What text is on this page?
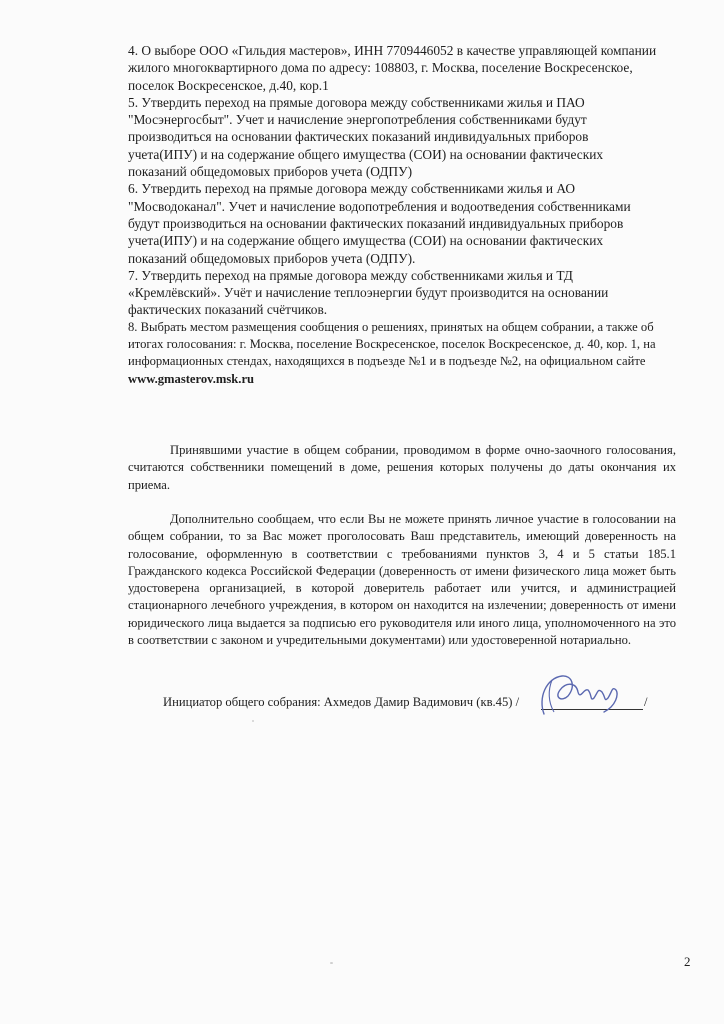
4. О выборе ООО «Гильдия мастеров», ИНН 7709446052 в качестве управляющей компании

жилого многоквартирного дома по адресу: 108803, г. Москва, поселение Воскресенское,

поселок Воскресенское, д.40, кор.1

5. Утвердить переход на прямые договора между собственниками жилья и ПАО

"Мосэнергосбыт". Учет и начисление энергопотребления собственниками будут

производиться на основании фактических показаний индивидуальных приборов

учета(ИПУ) и на содержание общего имущества (СОИ) на основании фактических

показаний общедомовых приборов учета (ОДПУ)

6. Утвердить переход на прямые договора между собственниками жилья и АО

"Мосводоканал". Учет и начисление водопотребления и водоотведения собственниками

будут производиться на основании фактических показаний индивидуальных приборов

учета(ИПУ) и на содержание общего имущества (СОИ) на основании фактических

показаний общедомовых приборов учета (ОДПУ).

7. Утвердить переход на прямые договора между собственниками жилья и ТД

«Кремлёвский». Учёт и начисление теплоэнергии будут производится на основании

фактических показаний счётчиков.

8. Выбрать местом размещения сообщения о решениях, принятых на общем собрании, а также об

итогах голосования: г. Москва, поселение Воскресенское, поселок Воскресенское, д. 40, кор. 1, на

информационных стендах, находящихся в подъезде №1 и в подъезде №2, на официальном сайте

www.gmasterov.msk.ru

Принявшими участие в общем собрании, проводимом в форме очно-заочного голосования, считаются собственники помещений в доме, решения которых получены до даты окончания их приема.

Дополнительно сообщаем, что если Вы не можете принять личное участие в голосовании на общем собрании, то за Вас может проголосовать Ваш представитель, имеющий доверенность на голосование, оформленную в соответствии с требованиями пунктов 3, 4 и 5 статьи 185.1 Гражданского кодекса Российской Федерации (доверенность от имени физического лица может быть удостоверена организацией, в которой доверитель работает или учится, и администрацией стационарного лечебного учреждения, в котором он находится на излечении; доверенность от имени юридического лица выдается за подписью его руководителя или иного лица, уполномоченного на это в соответствии с законом и учредительными документами) или удостоверенной нотариально.

Инициатор общего собрания: Ахмедов Дамир Вадимович (кв.45) /	/
2
